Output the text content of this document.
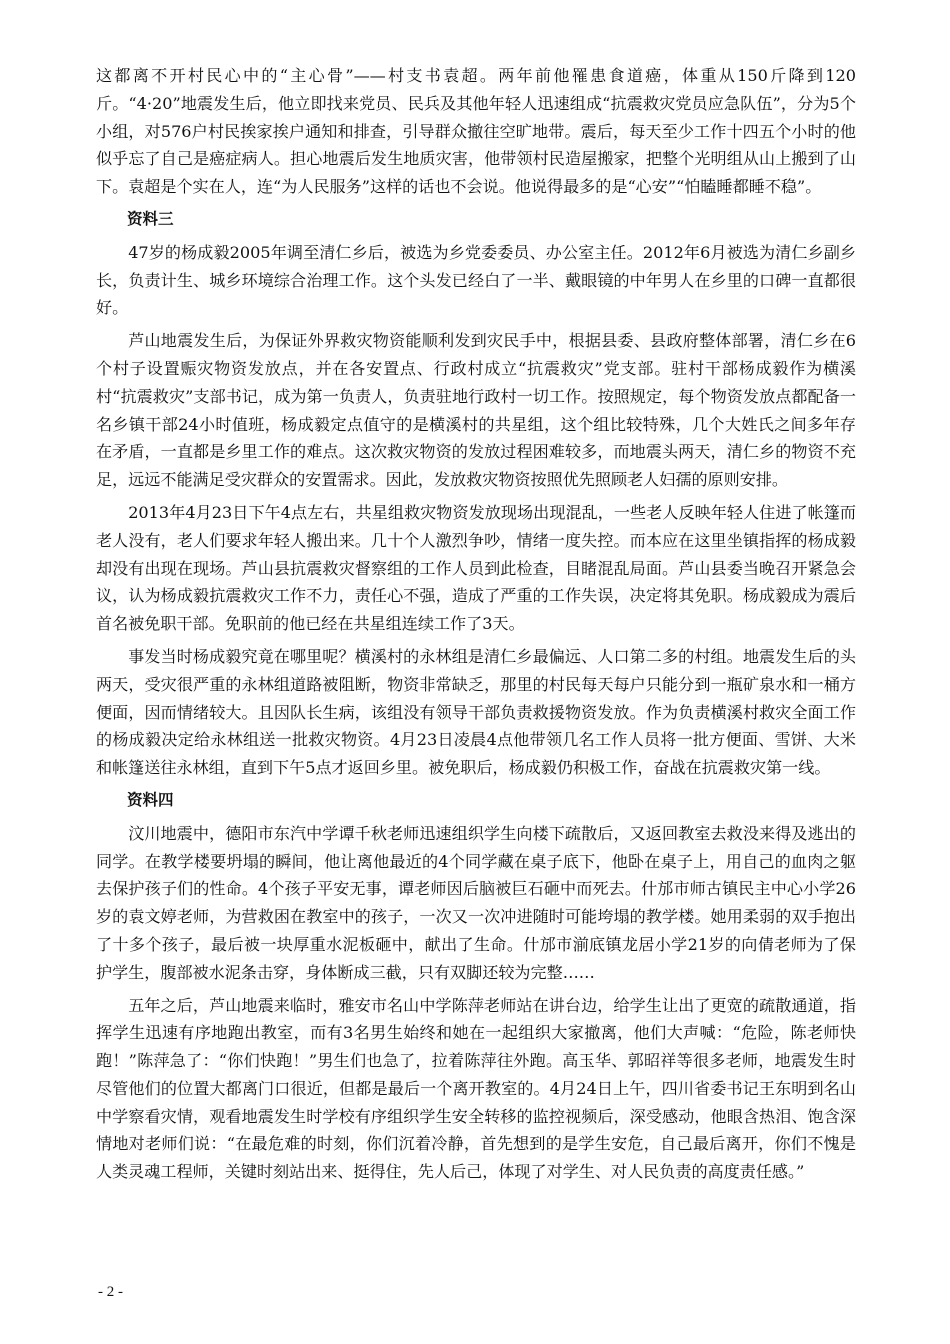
这都离不开村民心中的“主心骨”——村支书袁超。两年前他罹患食道癌，体重从150斤降到120斤。“4·20”地震发生后，他立即找来党员、民兵及其他年轻人迅速组成“抗震救灾党员应急队伍”，分为5个小组，对576户村民挨家挨户通知和排查，引导群众撤往空旷地带。震后，每天至少工作十四五个小时的他似乎忘了自己是癌症病人。担心地震后发生地质灾害，他带领村民造屋搬家，把整个光明组从山上搬到了山下。袁超是个实在人，连“为人民服务”这样的话也不会说。他说得最多的是“心安”“怕瞌睡都睡不稳”。

资料三

47岁的杨成毅2005年调至清仁乡后，被选为乡党委委员、办公室主任。2012年6月被选为清仁乡副乡长，负责计生、城乡环境综合治理工作。这个头发已经白了一半、戴眼镜的中年男人在乡里的口碑一直都很好。

芦山地震发生后，为保证外界救灾物资能顺利发到灾民手中，根据县委、县政府整体部署，清仁乡在6个村子设置赈灾物资发放点，并在各安置点、行政村成立“抗震救灾”党支部。驻村干部杨成毅作为横溪村“抗震救灾”支部书记，成为第一负责人，负责驻地行政村一切工作。按照规定，每个物资发放点都配备一名乡镇干部24小时值班，杨成毅定点值守的是横溪村的共星组，这个组比较特殊，几个大姓氏之间多年存在矛盾，一直都是乡里工作的难点。这次救灾物资的发放过程困难较多，而地震头两天，清仁乡的物资不充足，远远不能满足受灾群众的安置需求。因此，发放救灾物资按照优先照顾老人妇孺的原则安排。

2013年4月23日下午4点左右，共星组救灾物资发放现场出现混乱，一些老人反映年轻人住进了帐篷而老人没有，老人们要求年轻人搬出来。几十个人激烈争吵，情绪一度失控。而本应在这里坐镇指挥的杨成毅却没有出现在现场。芦山县抗震救灾督察组的工作人员到此检查，目睹混乱局面。芦山县委当晚召开紧急会议，认为杨成毅抗震救灾工作不力，责任心不强，造成了严重的工作失误，决定将其免职。杨成毅成为震后首名被免职干部。免职前的他已经在共星组连续工作了3天。

事发当时杨成毅究竟在哪里呢？横溪村的永林组是清仁乡最偏远、人口第二多的村组。地震发生后的头两天，受灾很严重的永林组道路被阻断，物资非常缺乏，那里的村民每天每户只能分到一瓶矿泉水和一桶方便面，因而情绪较大。且因队长生病，该组没有领导干部负责救援物资发放。作为负责横溪村救灾全面工作的杨成毅决定给永林组送一批救灾物资。4月23日凌晨4点他带领几名工作人员将一批方便面、雪饼、大米和帐篷送往永林组，直到下午5点才返回乡里。被免职后，杨成毅仍积极工作，奋战在抗震救灾第一线。

资料四

汶川地震中，德阳市东汽中学谭千秋老师迅速组织学生向楼下疏散后，又返回教室去救没来得及逃出的同学。在教学楼要坍塌的瞬间，他让离他最近的4个同学藏在桌子底下，他卧在桌子上，用自己的血肉之躯去保护孩子们的性命。4个孩子平安无事，谭老师因后脑被巨石砸中而死去。什邡市师古镇民主中心小学26岁的袁文婷老师，为营救困在教室中的孩子，一次又一次冲进随时可能垮塌的教学楼。她用柔弱的双手抱出了十多个孩子，最后被一块厚重水泥板砸中，献出了生命。什邡市湔底镇龙居小学21岁的向倩老师为了保护学生，腹部被水泥条击穿，身体断成三截，只有双脚还较为完整……

五年之后，芦山地震来临时，雅安市名山中学陈萍老师站在讲台边，给学生让出了更宽的疏散通道，指挥学生迅速有序地跑出教室，而有3名男生始终和她在一起组织大家撤离，他们大声喊：“危险，陈老师快跑！”陈萍急了：“你们快跑！”男生们也急了，拉着陈萍往外跑。高玉华、郭昭祥等很多老师，地震发生时尽管他们的位置大都离门口很近，但都是最后一个离开教室的。4月24日上午，四川省委书记王东明到名山中学察看灾情，观看地震发生时学校有序组织学生安全转移的监控视频后，深受感动，他眼含热泪、饱含深情地对老师们说：“在最危难的时刻，你们沉着冷静，首先想到的是学生安危，自己最后离开，你们不愧是人类灵魂工程师，关键时刻站出来、挺得住，先人后己，体现了对学生、对人民负责的高度责任感。”

- 2 -
